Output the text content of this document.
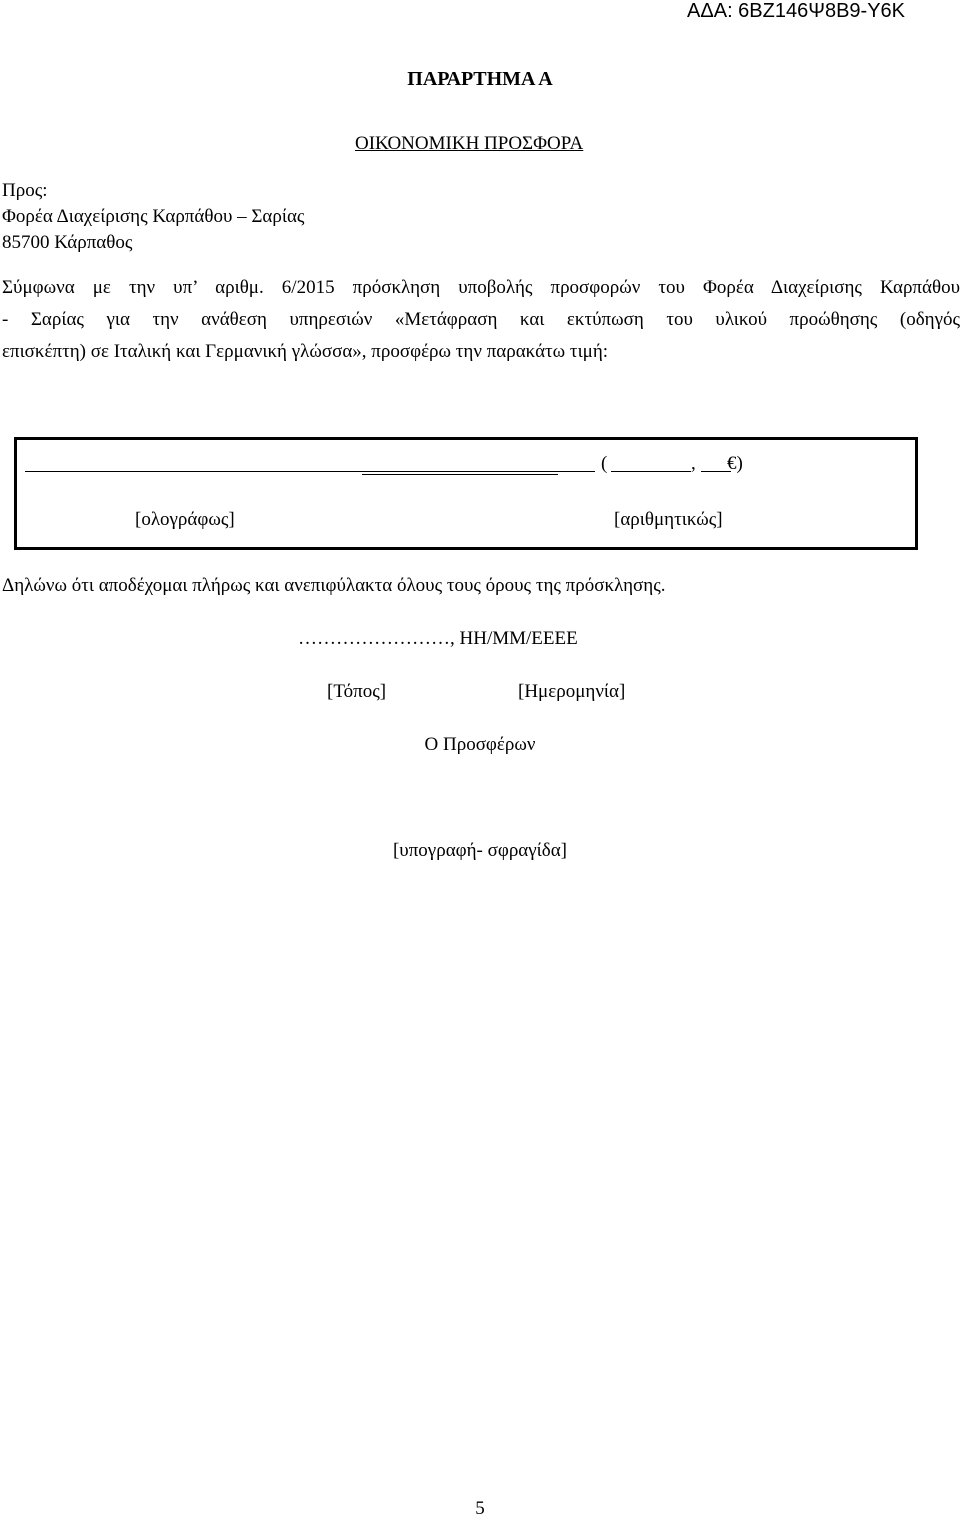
ΑΔΑ: 6ΒΖ146Ψ8Β9-Υ6Κ
ΠΑΡΑΡΤΗΜΑ Α
ΟΙΚΟΝΟΜΙΚΗ ΠΡΟΣΦΟΡΑ
Προς:
Φορέα Διαχείρισης Καρπάθου – Σαρίας
85700 Κάρπαθος
Σύμφωνα με την υπ’ αριθμ. 6/2015 πρόσκληση υποβολής προσφορών του Φορέα Διαχείρισης Καρπάθου
- Σαρίας για την ανάθεση υπηρεσιών «Μετάφραση και εκτύπωση του υλικού προώθησης (οδηγός
επισκέπτη) σε Ιταλική και Γερμανική γλώσσα», προσφέρω την παρακάτω τιμή:
(	, €)
[ολογράφως]	[αριθμητικώς]
Δηλώνω ότι αποδέχομαι πλήρως και ανεπιφύλακτα όλους τους όρους της πρόσκλησης.
……………………, ΗΗ/ΜΜ/ΕΕΕΕ
[Τόπος]	[Ημερομηνία]
Ο Προσφέρων
[υπογραφή- σφραγίδα]
5
